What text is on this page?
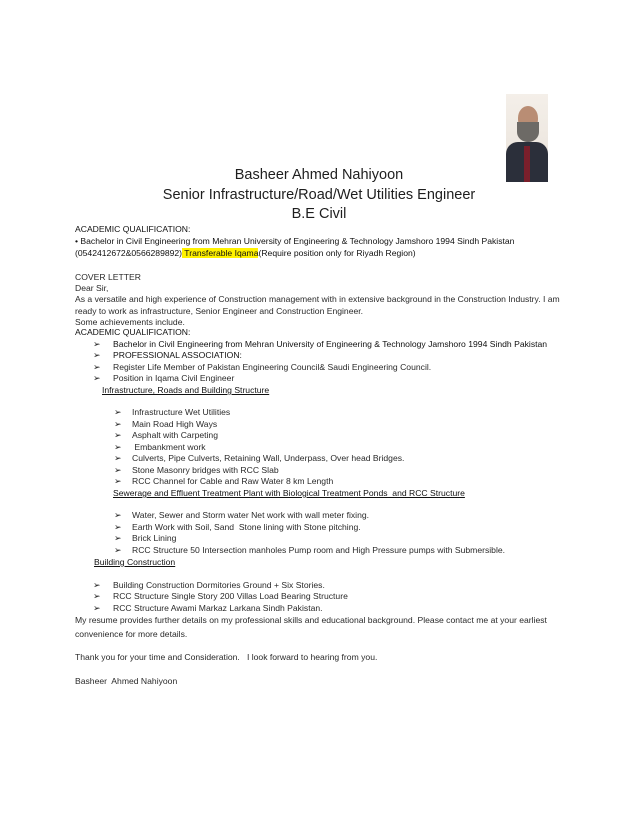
Basheer Ahmed Nahiyoon
Senior Infrastructure/Road/Wet Utilities Engineer
B.E Civil
ACADEMIC QUALIFICATION:
• Bachelor in Civil Engineering from Mehran University of Engineering & Technology Jamshoro 1994 Sindh Pakistan
(0542412672&0566289892) Transferable Iqama(Require position only for Riyadh Region)
COVER LETTER
Dear Sir,
As a versatile and high experience of Construction management with in extensive background in the Construction Industry. I am
ready to work as infrastructure, Senior Engineer and Construction Engineer.
Some achievements include.
ACADEMIC QUALIFICATION:
➢ Bachelor in Civil Engineering from Mehran University of Engineering & Technology Jamshoro 1994 Sindh Pakistan
➢ PROFESSIONAL ASSOCIATION:
➢ Register Life Member of Pakistan Engineering Council& Saudi Engineering Council.
➢ Position in Iqama Civil Engineer
Infrastructure, Roads and Building Structure
➢ Infrastructure Wet Utilities
➢ Main Road High Ways
➢ Asphalt with Carpeting
➢ Embankment work
➢ Culverts, Pipe Culverts, Retaining Wall, Underpass, Over head Bridges.
➢ Stone Masonry bridges with RCC Slab
➢ RCC Channel for Cable and Raw Water 8 km Length
Sewerage and Effluent Treatment Plant with Biological Treatment Ponds  and RCC Structure
➢ Water, Sewer and Storm water Net work with wall meter fixing.
➢ Earth Work with Soil, Sand  Stone lining with Stone pitching.
➢ Brick Lining
➢ RCC Structure 50 Intersection manholes Pump room and High Pressure pumps with Submersible.
Building Construction
➢ Building Construction Dormitories Ground + Six Stories.
➢ RCC Structure Single Story 200 Villas Load Bearing Structure
➢ RCC Structure Awami Markaz Larkana Sindh Pakistan.
My resume provides further details on my professional skills and educational background. Please contact me at your earliest
convenience for more details.
Thank you for your time and Consideration.   I look forward to hearing from you.
Basheer  Ahmed Nahiyoon
